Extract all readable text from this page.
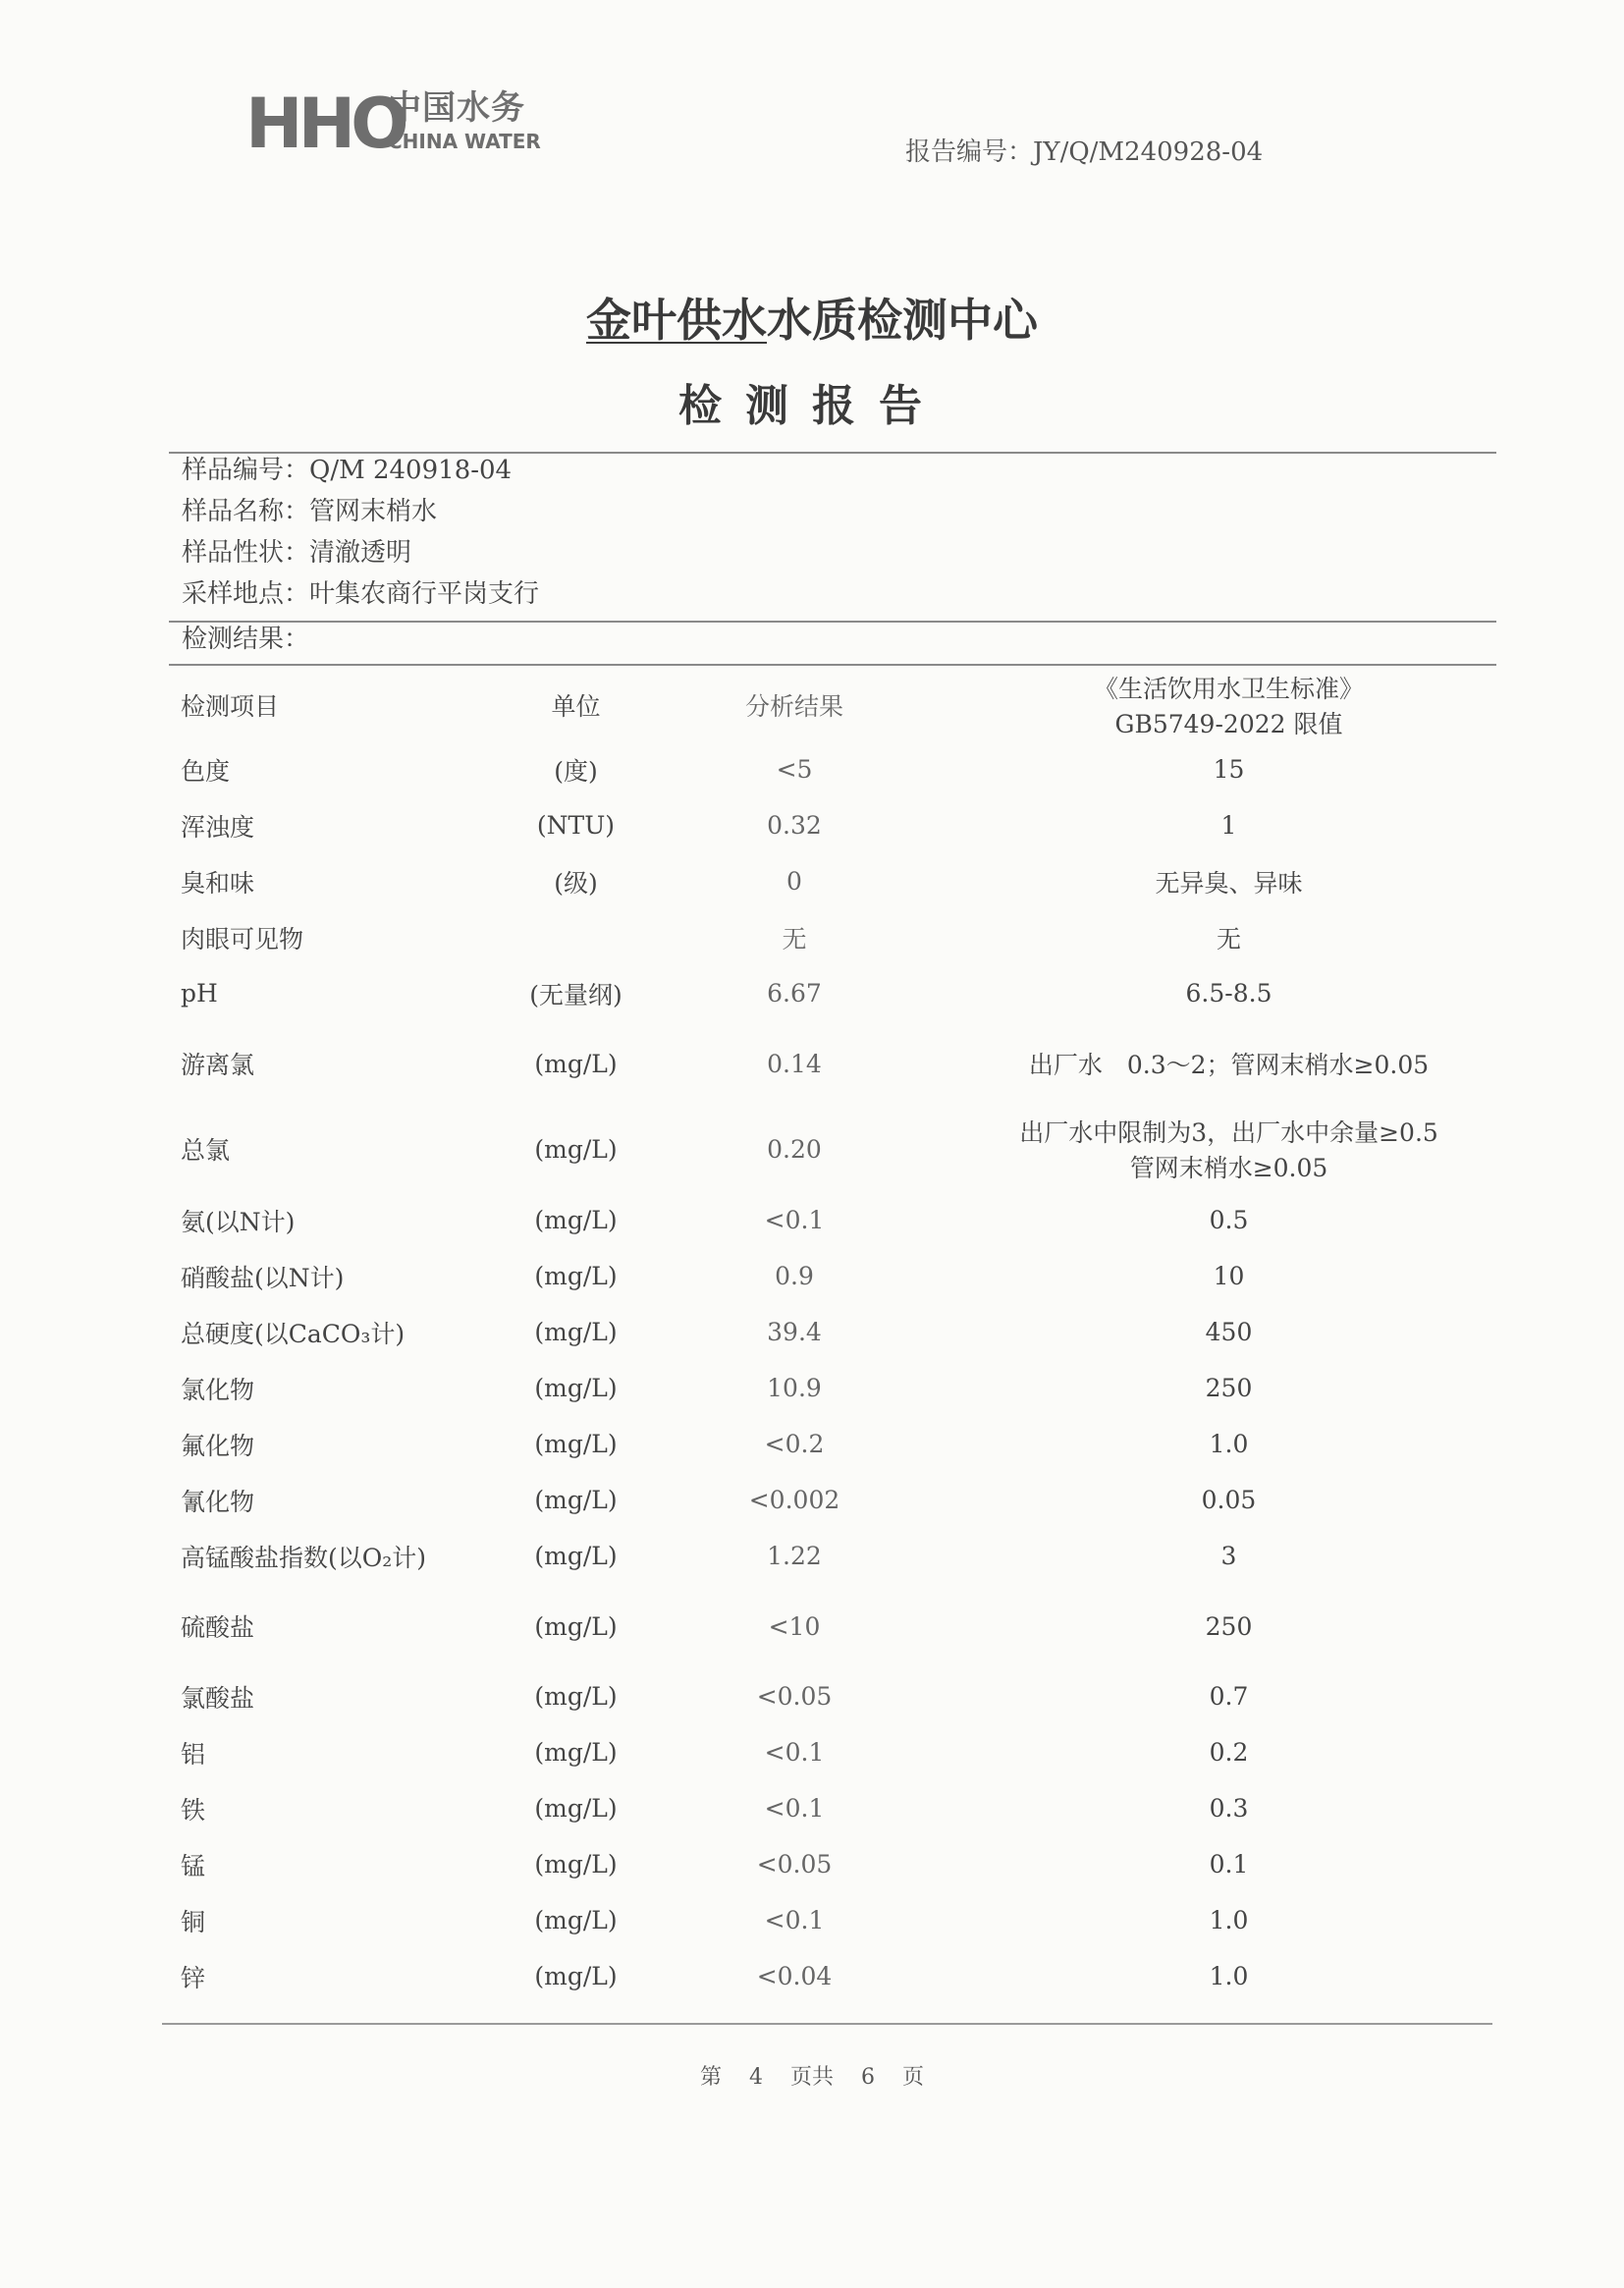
HHO
中国水务
CHINA WATER	报告编号：JY/Q/M240928-04
金叶供水水质检测中心
检测报告
样品编号：Q/M 240918-04
样品名称：管网末梢水
样品性状：清澈透明
采样地点：叶集农商行平岗支行
检测结果：
检测项目	单位	分析结果	《生活饮用水卫生标准》
GB5749-2022 限值

色度	(度)	<5	15
浑浊度	(NTU)	0.32	1
臭和味	(级)	0	无异臭、异味
肉眼可见物		无	无
pH	(无量纲)	6.67	6.5-8.5
游离氯	(mg/L)	0.14	出厂水　0.3～2；管网末梢水≥0.05
总氯	(mg/L)	0.20	出厂水中限制为3，出厂水中余量≥0.5
管网末梢水≥0.05

氨(以N计)	(mg/L)	<0.1	0.5
硝酸盐(以N计)	(mg/L)	0.9	10
总硬度(以CaCO₃计)	(mg/L)	39.4	450
氯化物	(mg/L)	10.9	250
氟化物	(mg/L)	<0.2	1.0
氰化物	(mg/L)	<0.002	0.05
高锰酸盐指数(以O₂计)	(mg/L)	1.22	3
硫酸盐	(mg/L)	<10	250
氯酸盐	(mg/L)	<0.05	0.7
铝	(mg/L)	<0.1	0.2
铁	(mg/L)	<0.1	0.3
锰	(mg/L)	<0.05	0.1
铜	(mg/L)	<0.1	1.0
锌	(mg/L)	<0.04	1.0
第 4 页共 6 页
